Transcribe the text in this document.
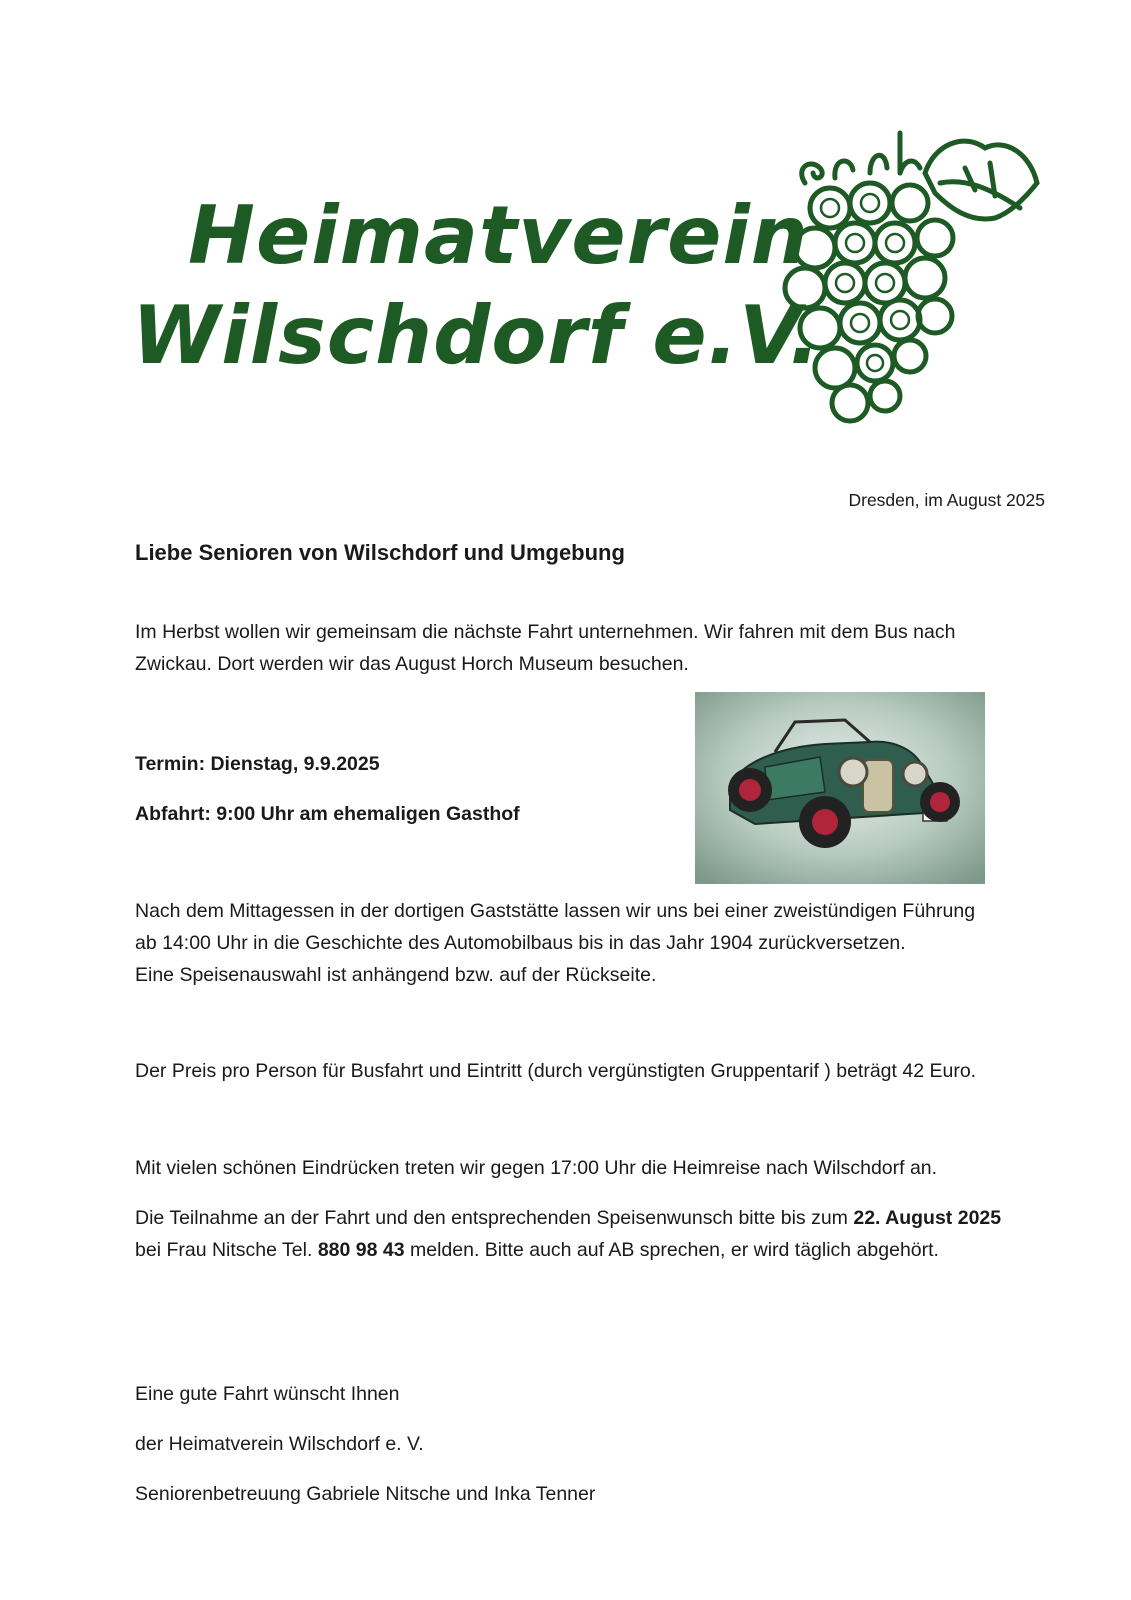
Heimatverein
Wilschdorf e.V.

Dresden, im August 2025

Liebe Senioren von Wilschdorf und Umgebung

Im Herbst wollen wir gemeinsam die nächste Fahrt unternehmen. Wir fahren mit dem Bus nach
Zwickau. Dort werden wir das August Horch Museum besuchen.

Termin: Dienstag, 9.9.2025

Abfahrt: 9:00 Uhr am ehemaligen Gasthof

Nach dem Mittagessen in der dortigen Gaststätte lassen wir uns bei einer zweistündigen Führung
ab 14:00 Uhr in die Geschichte des Automobilbaus bis in das Jahr 1904 zurückversetzen.
Eine Speisenauswahl ist anhängend bzw. auf der Rückseite.

Der Preis pro Person für Busfahrt und Eintritt (durch vergünstigten Gruppentarif ) beträgt 42 Euro.

Mit vielen schönen Eindrücken treten wir gegen 17:00 Uhr die Heimreise nach Wilschdorf an.

Die Teilnahme an der Fahrt und den entsprechenden Speisenwunsch bitte bis zum 22. August 2025
bei Frau Nitsche Tel. 880 98 43 melden. Bitte auch auf AB sprechen, er wird täglich abgehört.

Eine gute Fahrt wünscht Ihnen

der Heimatverein Wilschdorf e. V.

Seniorenbetreuung Gabriele Nitsche und Inka Tenner
